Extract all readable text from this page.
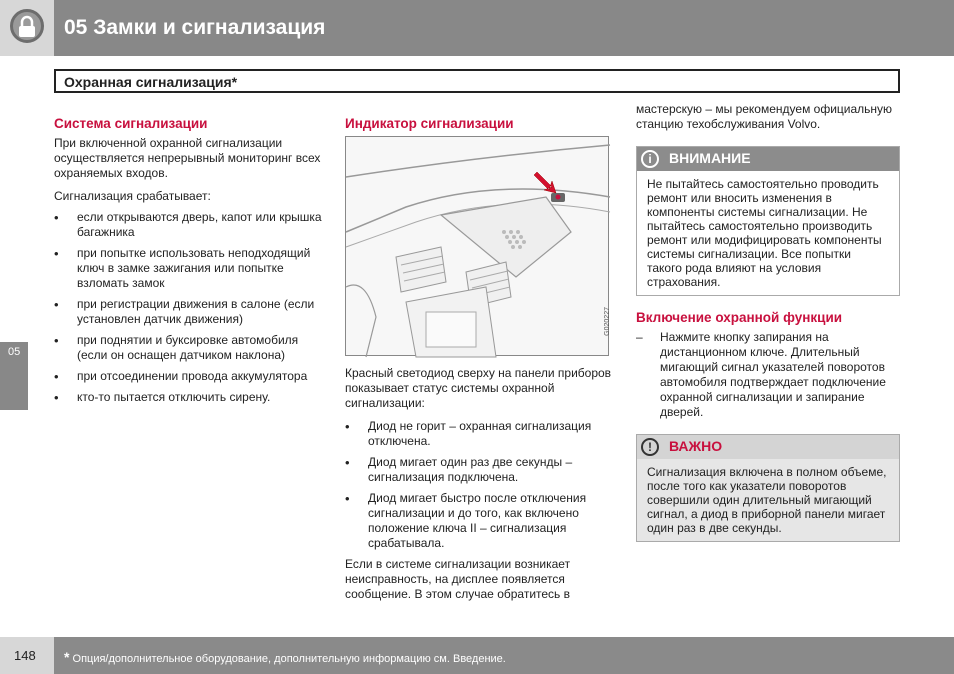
05 Замки и сигнализация
Охранная сигнализация*
05
Система сигнализации

При включенной охранной сигнализации осуществляется непрерывный мониторинг всех охраняемых входов.

Сигнализация срабатывает:

• если открываются дверь, капот или крышка багажника
• при попытке использовать неподходящий ключ в замке зажигания или попытке взломать замок
• при регистрации движения в салоне (если установлен датчик движения)
• при поднятии и буксировке автомобиля (если он оснащен датчиком наклона)
• при отсоединении провода аккумулятора
• кто-то пытается отключить сирену.
Индикатор сигнализации
G020227

Красный светодиод сверху на панели приборов показывает статус системы охранной сигнализации:

• Диод не горит – охранная сигнализация отключена.
• Диод мигает один раз две секунды – сигнализация подключена.
• Диод мигает быстро после отключения сигнализации и до того, как включено положение ключа II – сигнализация срабатывала.

Если в системе сигнализации возникает неисправность, на дисплее появляется сообщение. В этом случае обратитесь в

мастерскую – мы рекомендуем официальную станцию техобслуживания Volvo.

i	ВНИМАНИЕ
Не пытайтесь самостоятельно проводить ремонт или вносить изменения в компоненты системы сигнализации. Не пытайтесь самостоятельно производить ремонт или модифицировать компоненты системы сигнализации. Все попытки такого рода влияют на условия страхования.
Включение охранной функции

– Нажмите кнопку запирания на дистанционном ключе. Длительный мигающий сигнал указателей поворотов автомобиля подтверждает подключение охранной сигнализации и запирание дверей.

!	ВАЖНО
Сигнализация включена в полном объеме, после того как указатели поворотов совершили один длительный мигающий сигнал, а диод в приборной панели мигает один раз в две секунды.
148 * Опция/дополнительное оборудование, дополнительную информацию см. Введение.
